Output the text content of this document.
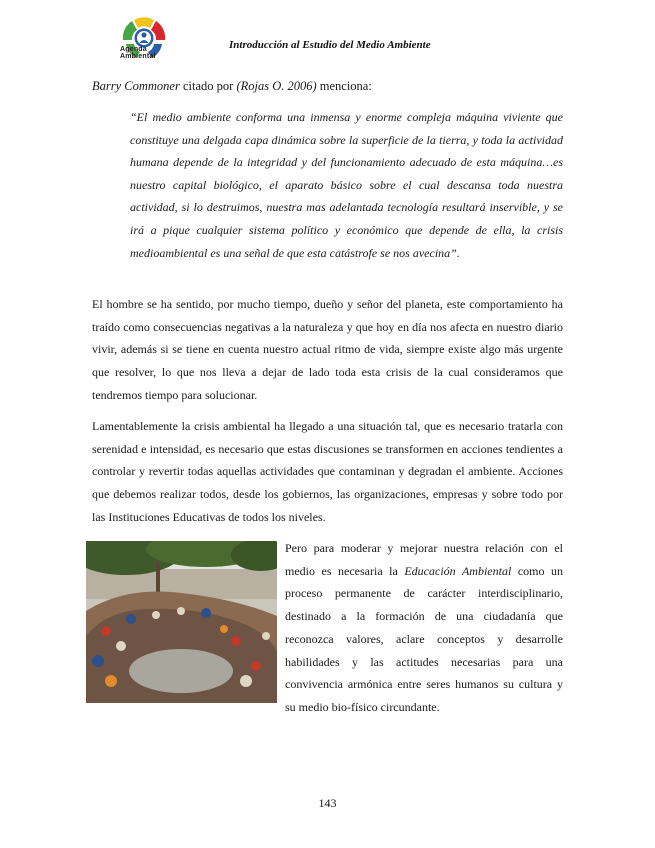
Agenda
Ambiental
Introducción al Estudio del Medio Ambiente
Barry Commoner citado por (Rojas O. 2006) menciona:
“El medio ambiente conforma una inmensa y enorme compleja máquina viviente que constituye una delgada capa dinámica sobre la superficie de la tierra, y toda la actividad humana depende de la integridad y del funcionamiento adecuado de esta máquina…es nuestro capital biológico, el aparato básico sobre el cual descansa toda nuestra actividad, si lo destruimos, nuestra mas adelantada tecnología resultará inservible, y se irá a pique cualquier sistema político y económico que depende de ella, la crisis medioambiental es una señal de que esta catástrofe se nos avecina”.
El hombre se ha sentido, por mucho tiempo, dueño y señor del planeta, este comportamiento ha traído como consecuencias negativas a la naturaleza y que hoy en día nos afecta en nuestro diario vivir, además si se tiene en cuenta nuestro actual ritmo de vida, siempre existe algo más urgente que resolver, lo que nos lleva a dejar de lado toda esta crisis de la cual consideramos que tendremos tiempo para solucionar.
Lamentablemente la crisis ambiental ha llegado a una situación tal, que es necesario tratarla con serenidad e intensidad, es necesario que estas discusiones se transformen en acciones tendientes a controlar y revertir todas aquellas actividades que contaminan y degradan el ambiente. Acciones que debemos realizar todos, desde los gobiernos, las organizaciones, empresas y sobre todo por las Instituciones Educativas de todos los niveles.
Pero para moderar y mejorar nuestra relación con el medio es necesaria la Educación Ambiental como un proceso permanente de carácter interdisciplinario, destinado a la formación de una ciudadanía que reconozca valores, aclare conceptos y desarrolle habilidades y las actitudes necesarias para una convivencia armónica entre seres humanos su cultura y su medio bio-físico circundante.
143
